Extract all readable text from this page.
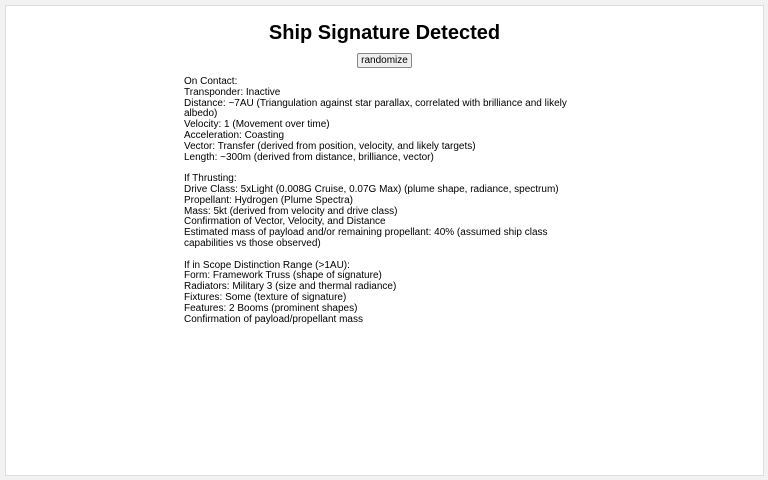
Ship Signature Detected
randomize
On Contact:
Transponder: Inactive
Distance: ~7AU (Triangulation against star parallax, correlated with brilliance and likely albedo)
Velocity: 1 (Movement over time)
Acceleration: Coasting
Vector: Transfer (derived from position, velocity, and likely targets)
Length: ~300m (derived from distance, brilliance, vector)
If Thrusting:
Drive Class: 5xLight (0.008G Cruise, 0.07G Max) (plume shape, radiance, spectrum)
Propellant: Hydrogen (Plume Spectra)
Mass: 5kt (derived from velocity and drive class)
Confirmation of Vector, Velocity, and Distance
Estimated mass of payload and/or remaining propellant: 40% (assumed ship class capabilities vs those observed)
If in Scope Distinction Range (>1AU):
Form: Framework Truss (shape of signature)
Radiators: Military 3 (size and thermal radiance)
Fixtures: Some (texture of signature)
Features: 2 Booms (prominent shapes)
Confirmation of payload/propellant mass
